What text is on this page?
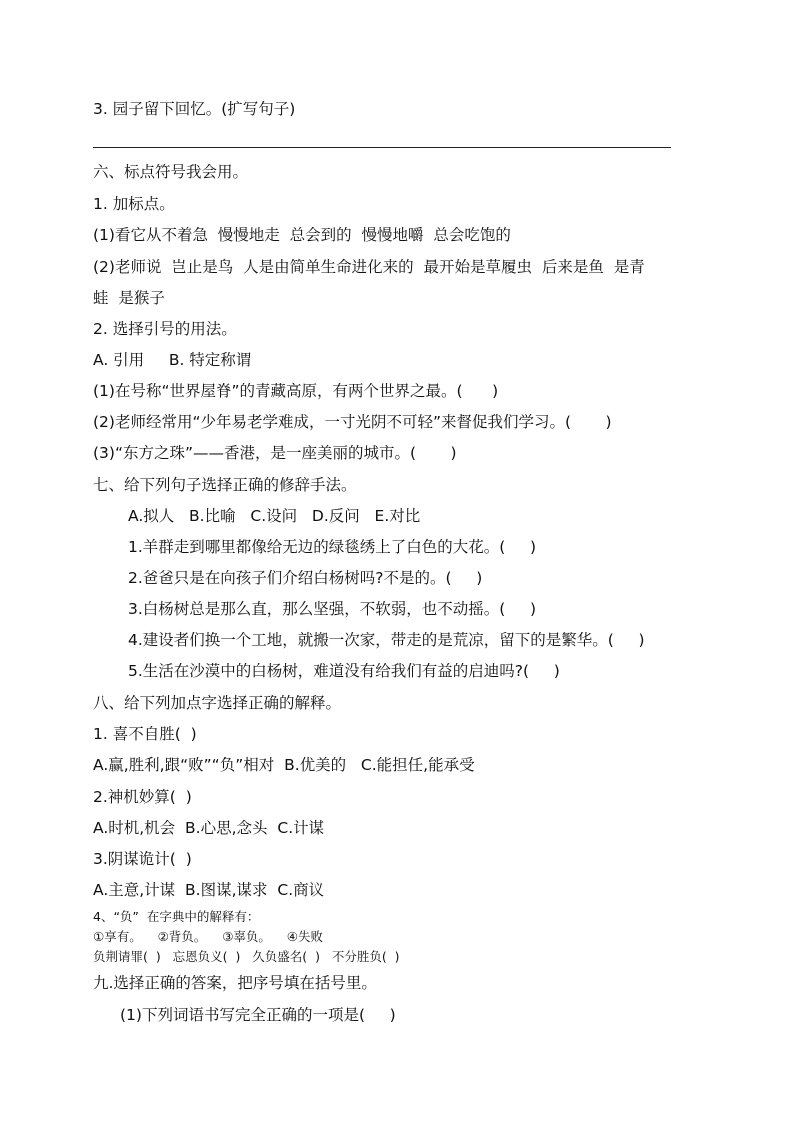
3. 园子留下回忆。(扩写句子)
六、标点符号我会用。
1. 加标点。
(1)看它从不着急  慢慢地走  总会到的  慢慢地嚼  总会吃饱的
(2)老师说  岂止是鸟  人是由简单生命进化来的  最开始是草履虫  后来是鱼  是青
蛙  是猴子
2. 选择引号的用法。
A. 引用     B. 特定称谓
(1)在号称“世界屋脊”的青藏高原，有两个世界之最。(      )
(2)老师经常用“少年易老学难成，一寸光阴不可轻”来督促我们学习。(       )
(3)“东方之珠”——香港，是一座美丽的城市。(       )
七、给下列句子选择正确的修辞手法。
A.拟人   B.比喻   C.设问   D.反问   E.对比
1.羊群走到哪里都像给无边的绿毯绣上了白色的大花。(     )
2.爸爸只是在向孩子们介绍白杨树吗?不是的。(     )
3.白杨树总是那么直，那么坚强，不软弱，也不动摇。(     )
4.建设者们换一个工地，就搬一次家，带走的是荒凉，留下的是繁华。(     )
5.生活在沙漠中的白杨树，难道没有给我们有益的启迪吗?(     )
八、给下列加点字选择正确的解释。
1. 喜不自胜(  )
A.赢,胜利,跟“败”“负”相对  B.优美的   C.能担任,能承受
2.神机妙算(  )
A.时机,机会  B.心思,念头  C.计谋
3.阴谋诡计(  )
A.主意,计谋  B.图谋,谋求  C.商议
4、“负”  在字典中的解释有：
①享有。    ②背负。    ③辜负。    ④失败
负荆请罪(  )   忘恩负义(  )   久负盛名(  )   不分胜负(  )
九.选择正确的答案，把序号填在括号里。
(1)下列词语书写完全正确的一项是(     )
